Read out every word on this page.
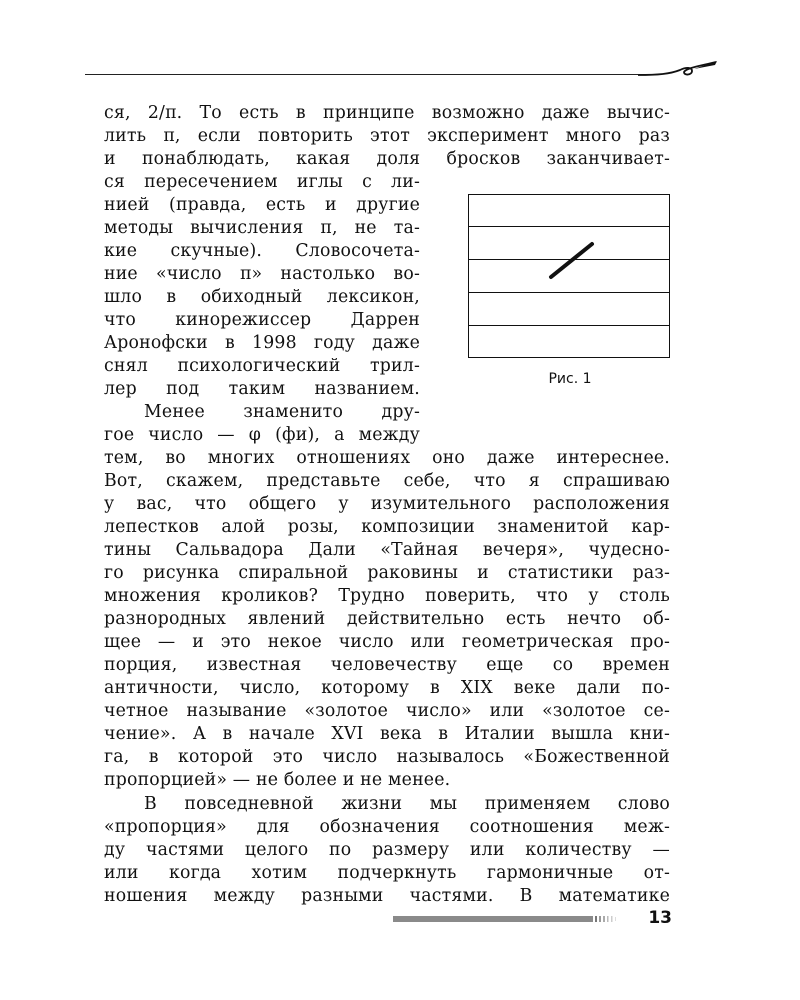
ся, 2/π. То есть в принципе возможно даже вычис-
лить π, если повторить этот эксперимент много раз
и понаблюдать, какая доля бросков заканчивает-
ся пересечением иглы с ли-
нией (правда, есть и другие
методы вычисления π, не та-
кие скучные). Словосочета-
ние «число π» настолько во-
шло в обиходный лексикон,
что кинорежиссер Даррен
Аронофски в 1998 году даже
снял психологический трил-
лер под таким названием.
Менее знаменито дру-
гое число — φ (фи), а между
тем, во многих отношениях оно даже интереснее.
Вот, скажем, представьте себе, что я спрашиваю
у вас, что общего у изумительного расположения
лепестков алой розы, композиции знаменитой кар-
тины Сальвадора Дали «Тайная вечеря», чудесно-
го рисунка спиральной раковины и статистики раз-
множения кроликов? Трудно поверить, что у столь
разнородных явлений действительно есть нечто об-
щее — и это некое число или геометрическая про-
порция, известная человечеству еще со времен
античности, число, которому в XIX веке дали по-
четное называние «золотое число» или «золотое се-
чение». А в начале XVI века в Италии вышла кни-
га, в которой это число называлось «Божественной
пропорцией» — не более и не менее.
В повседневной жизни мы применяем слово
«пропорция» для обозначения соотношения меж-
ду частями целого по размеру или количеству —
или когда хотим подчеркнуть гармоничные от-
ношения между разными частями. В математике
Рис. 1
13
